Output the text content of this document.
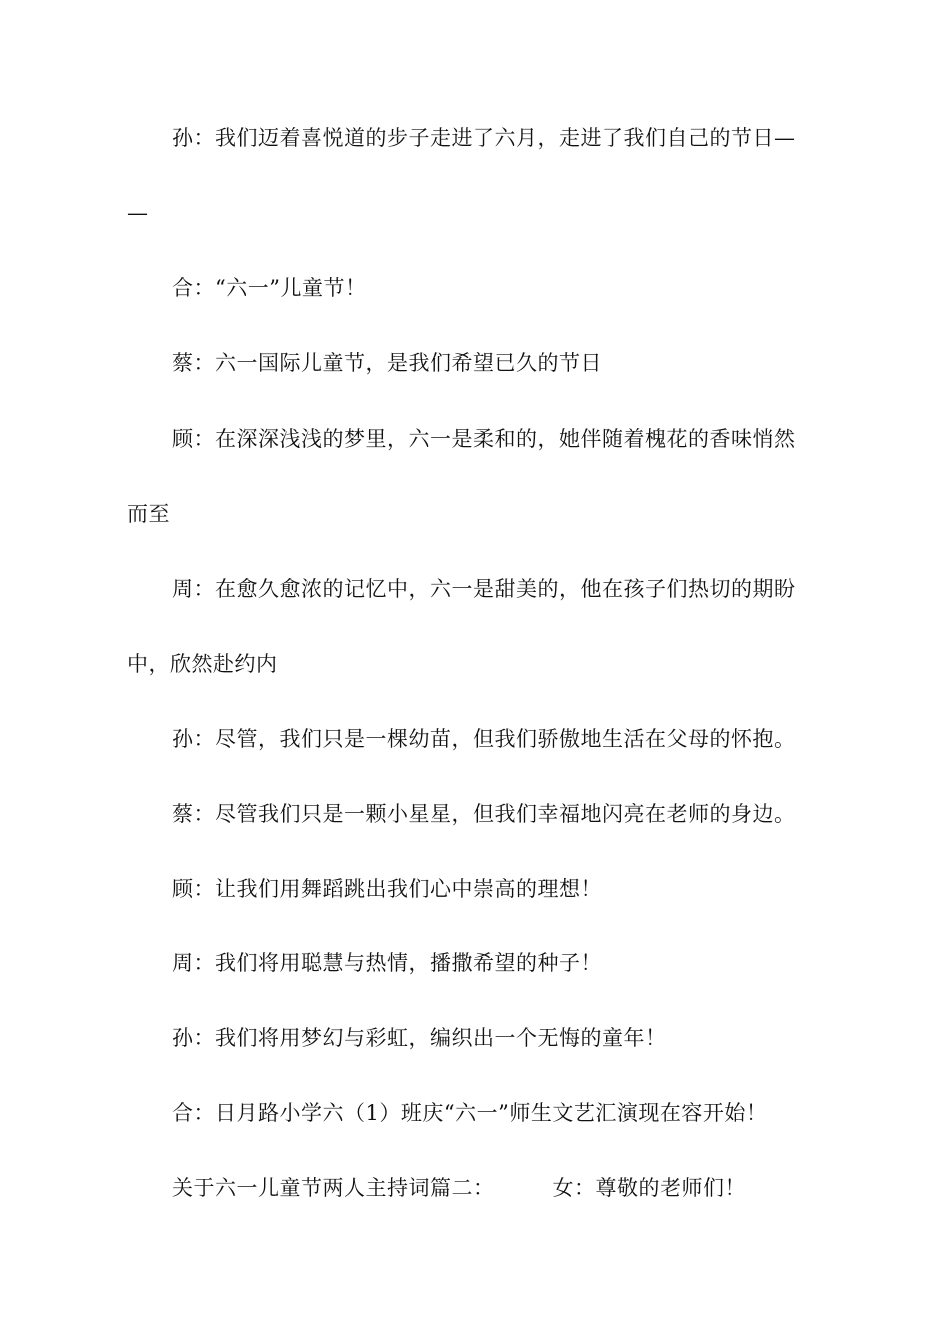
孙：我们迈着喜悦道的步子走进了六月，走进了我们自己的节日—
—
合：“六一”儿童节！
蔡：六一国际儿童节，是我们希望已久的节日
顾：在深深浅浅的梦里，六一是柔和的，她伴随着槐花的香味悄然
而至
周：在愈久愈浓的记忆中，六一是甜美的，他在孩子们热切的期盼
中，欣然赴约内
孙：尽管，我们只是一棵幼苗，但我们骄傲地生活在父母的怀抱。
蔡：尽管我们只是一颗小星星，但我们幸福地闪亮在老师的身边。
顾：让我们用舞蹈跳出我们心中崇高的理想！
周：我们将用聪慧与热情，播撒希望的种子！
孙：我们将用梦幻与彩虹，编织出一个无悔的童年！
合：日月路小学六（1）班庆“六一”师生文艺汇演现在容开始！
关于六一儿童节两人主持词篇二：	女：尊敬的老师们！
